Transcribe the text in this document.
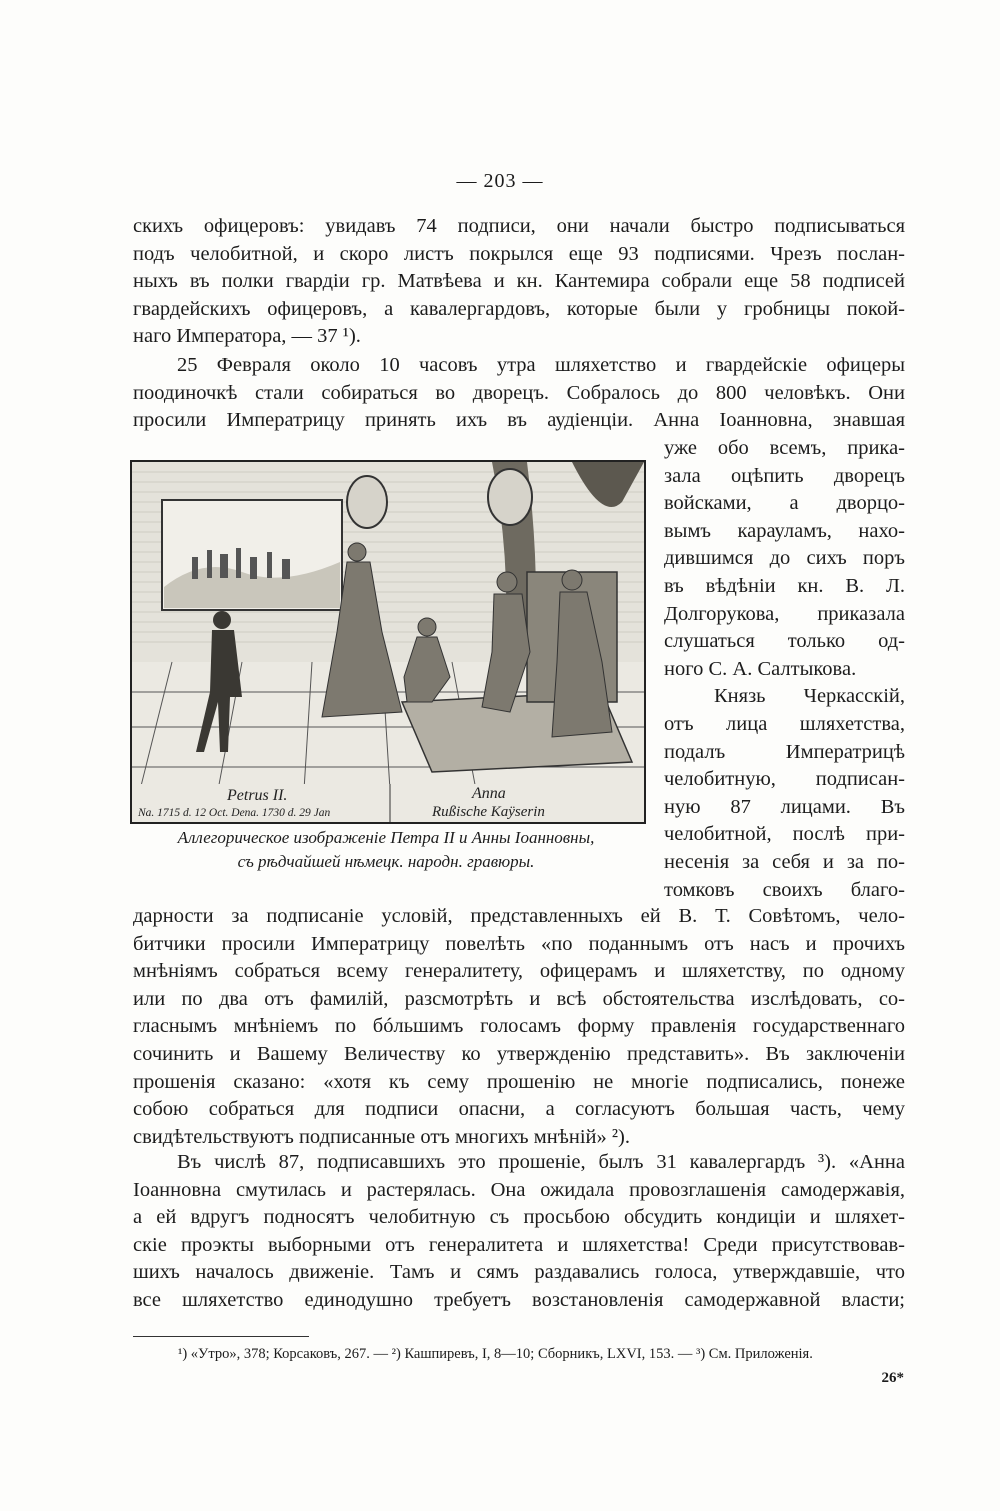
— 203 —
скихъ офицеровъ: увидавъ 74 подписи, они начали быстро подписываться
подъ челобитной, и скоро листъ покрылся еще 93 подписями. Чрезъ послан-
ныхъ въ полки гвардіи гр. Матвѣева и кн. Кантемира собрали еще 58 подписей
гвардейскихъ офицеровъ, а кавалергардовъ, которые были у гробницы покой-
наго Императора, — 37 ¹).
25 Февраля около 10 часовъ утра шляхетство и гвардейскіе офицеры
поодиночкѣ стали собираться во дворецъ. Собралось до 800 человѣкъ. Они
просили Императрицу принять ихъ въ аудіенціи. Анна Іоанновна, знавшая
уже обо всемъ, прика-
зала оцѣпить дворецъ
войсками, а дворцо-
вымъ карауламъ, нахо-
дившимся до сихъ поръ
въ вѣдѣніи кн. В. Л.
Долгорукова, приказала
слушаться только од-
ного С. А. Салтыкова.
Князь Черкасскій,
отъ лица шляхетства,
подалъ Императрицѣ
челобитную, подписан-
ную 87 лицами. Въ
челобитной, послѣ при-
несенія за себя и за по-
томковъ своихъ благо-
Petrus II.
Na. 1715 d. 12 Oct. Dena. 1730 d. 29 Jan
Anna
Rußische Kaÿserin
Аллегорическое изображеніе Петра II и Анны Іоанновны,
съ рѣдчайшей нѣмецк. народн. гравюры.
дарности за подписаніе условій, представленныхъ ей В. Т. Совѣтомъ, чело-
битчики просили Императрицу повелѣть «по поданнымъ отъ насъ и прочихъ
мнѣніямъ собраться всему генералитету, офицерамъ и шляхетству, по одному
или по два отъ фамилій, разсмотрѣть и всѣ обстоятельства изслѣдовать, со-
гласнымъ мнѣніемъ по бóльшимъ голосамъ форму правленія государственнаго
сочинить и Вашему Величеству ко утвержденію представить». Въ заключеніи
прошенія сказано: «хотя къ сему прошенію не многіе подписались, понеже
собою собраться для подписи опасни, а согласуютъ большая часть, чему
свидѣтельствуютъ подписанные отъ многихъ мнѣній» ²).
Въ числѣ 87, подписавшихъ это прошеніе, былъ 31 кавалергардъ ³). «Анна
Іоанновна смутилась и растерялась. Она ожидала провозглашенія самодержавія,
а ей вдругъ подносятъ челобитную съ просьбою обсудить кондиціи и шляхет-
скіе проэкты выборными отъ генералитета и шляхетства! Среди присутствовав-
шихъ началось движеніе. Тамъ и сямъ раздавались голоса, утверждавшіе, что
все шляхетство единодушно требуетъ возстановленія самодержавной власти;
¹) «Утро», 378; Корсаковъ, 267. — ²) Кашпиревъ, I, 8—10; Сборникъ, LXVI, 153. — ³) См. Приложенія.
26*
